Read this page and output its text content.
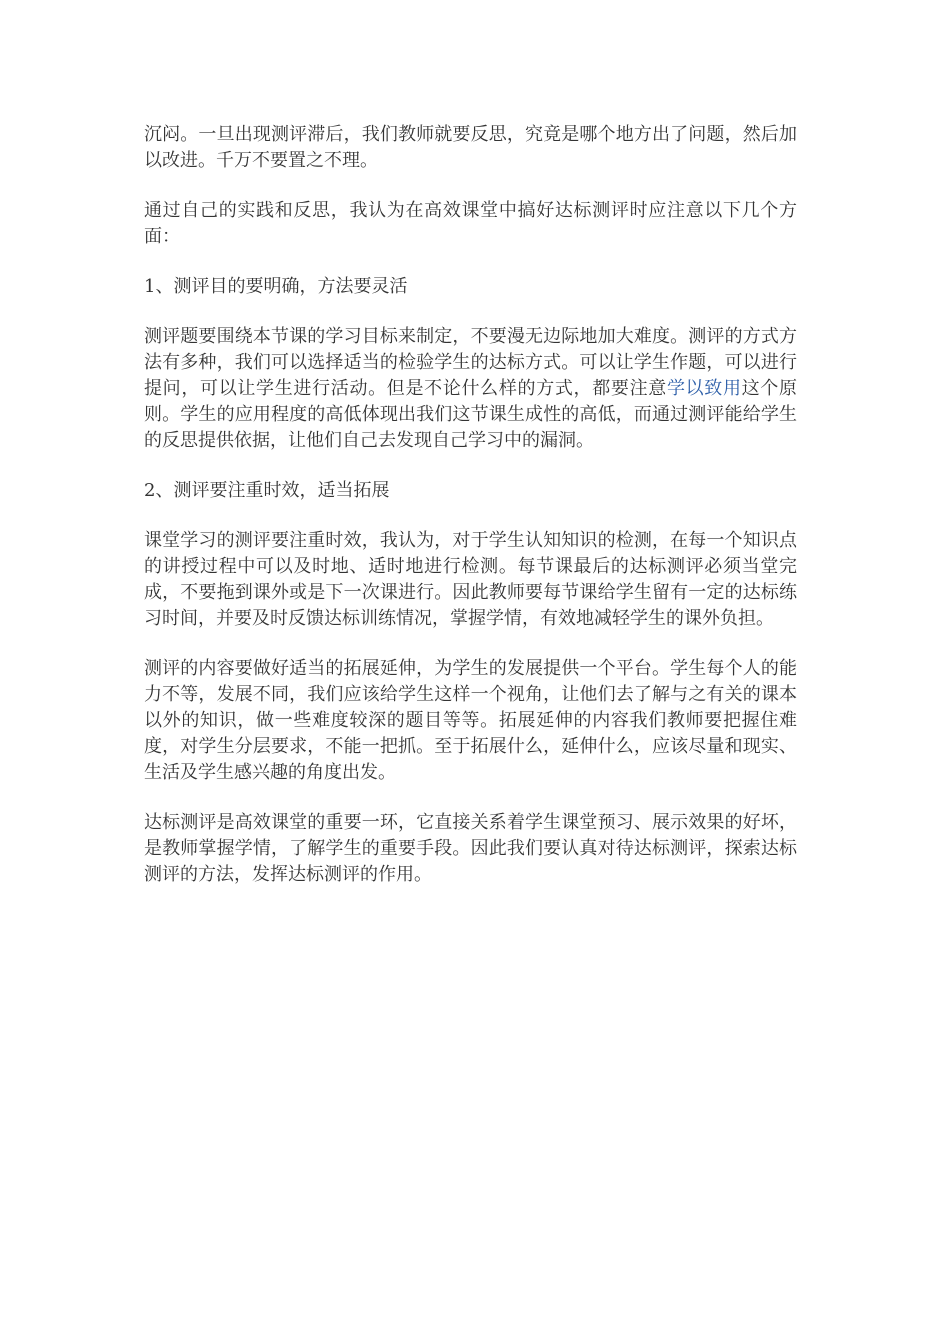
沉闷。一旦出现测评滞后，我们教师就要反思，究竟是哪个地方出了问题，然后加以改进。千万不要置之不理。

通过自己的实践和反思，我认为在高效课堂中搞好达标测评时应注意以下几个方面：

1、测评目的要明确，方法要灵活

测评题要围绕本节课的学习目标来制定，不要漫无边际地加大难度。测评的方式方法有多种，我们可以选择适当的检验学生的达标方式。可以让学生作题，可以进行提问，可以让学生进行活动。但是不论什么样的方式，都要注意学以致用这个原则。学生的应用程度的高低体现出我们这节课生成性的高低，而通过测评能给学生的反思提供依据，让他们自己去发现自己学习中的漏洞。

2、测评要注重时效，适当拓展

课堂学习的测评要注重时效，我认为，对于学生认知知识的检测，在每一个知识点的讲授过程中可以及时地、适时地进行检测。每节课最后的达标测评必须当堂完成，不要拖到课外或是下一次课进行。因此教师要每节课给学生留有一定的达标练习时间，并要及时反馈达标训练情况，掌握学情，有效地减轻学生的课外负担。

测评的内容要做好适当的拓展延伸，为学生的发展提供一个平台。学生每个人的能力不等，发展不同，我们应该给学生这样一个视角，让他们去了解与之有关的课本以外的知识，做一些难度较深的题目等等。拓展延伸的内容我们教师要把握住难度，对学生分层要求，不能一把抓。至于拓展什么，延伸什么，应该尽量和现实、生活及学生感兴趣的角度出发。

达标测评是高效课堂的重要一环，它直接关系着学生课堂预习、展示效果的好坏，是教师掌握学情，了解学生的重要手段。因此我们要认真对待达标测评，探索达标测评的方法，发挥达标测评的作用。
